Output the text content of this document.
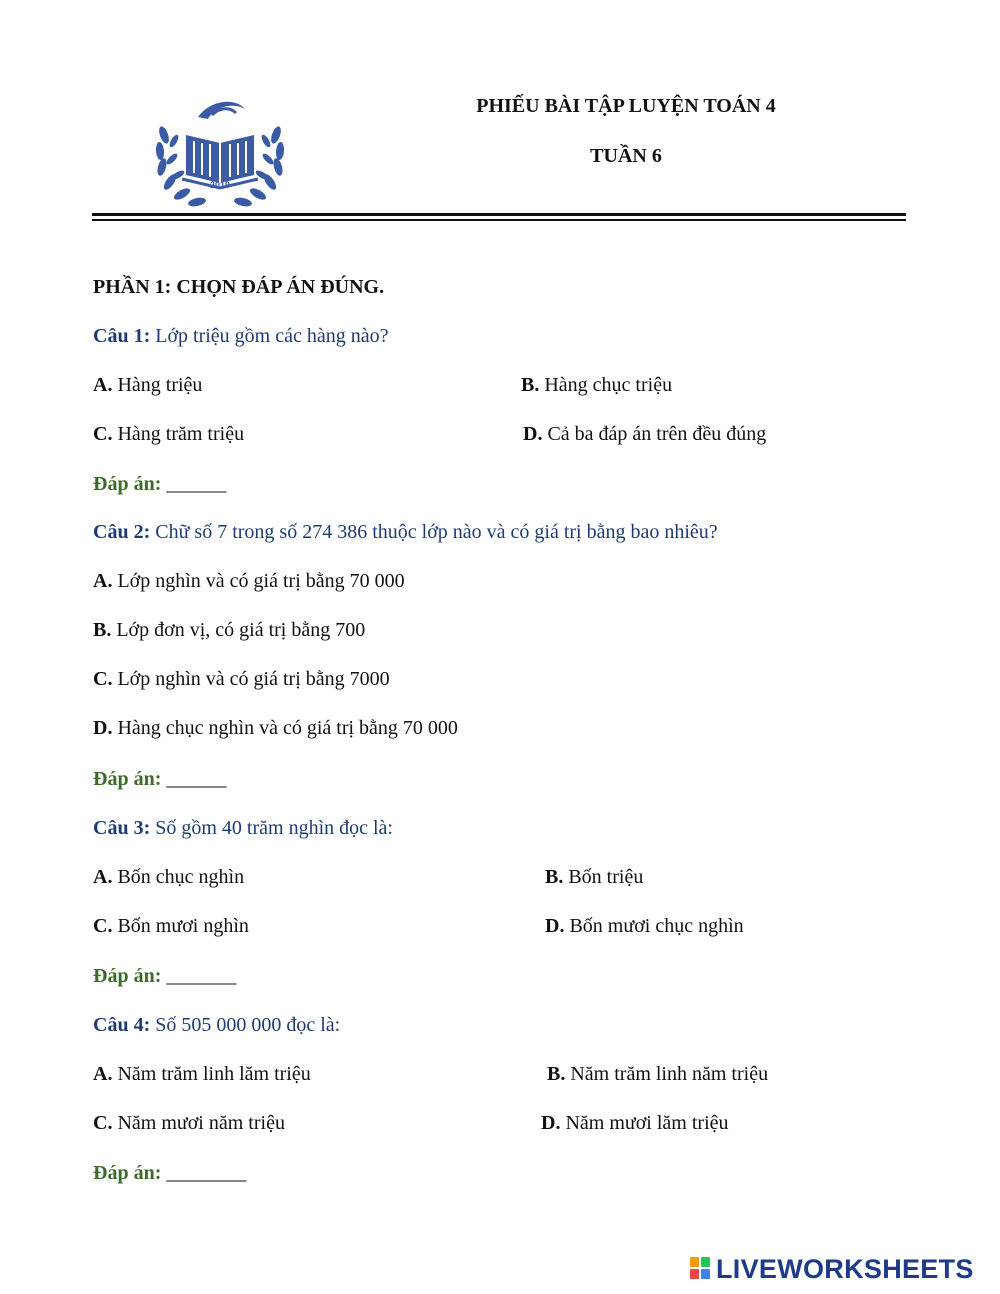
2019
PHIẾU BÀI TẬP LUYỆN TOÁN 4
TUẦN 6
PHẦN 1: CHỌN ĐÁP ÁN ĐÚNG.
Câu 1: Lớp triệu gồm các hàng nào?
A. Hàng triệu	B. Hàng chục triệu
C. Hàng trăm triệu	D. Cả ba đáp án trên đều đúng
Đáp án: ______
Câu 2: Chữ số 7 trong số 274 386 thuộc lớp nào và có giá trị bằng bao nhiêu?
A. Lớp nghìn và có giá trị bằng 70 000
B. Lớp đơn vị, có giá trị bằng 700
C. Lớp nghìn và có giá trị bằng 7000
D. Hàng chục nghìn và có giá trị bằng 70 000
Đáp án: ______
Câu 3: Số gồm 40 trăm nghìn đọc là:
A. Bốn chục nghìn	B. Bốn triệu
C. Bốn mươi nghìn	D. Bốn mươi chục nghìn
Đáp án: _______
Câu 4: Số 505 000 000 đọc là:
A. Năm trăm linh lăm triệu	B. Năm trăm linh năm triệu
C. Năm mươi năm triệu	D. Năm mươi lăm triệu
Đáp án: ________
LIVEWORKSHEETS
